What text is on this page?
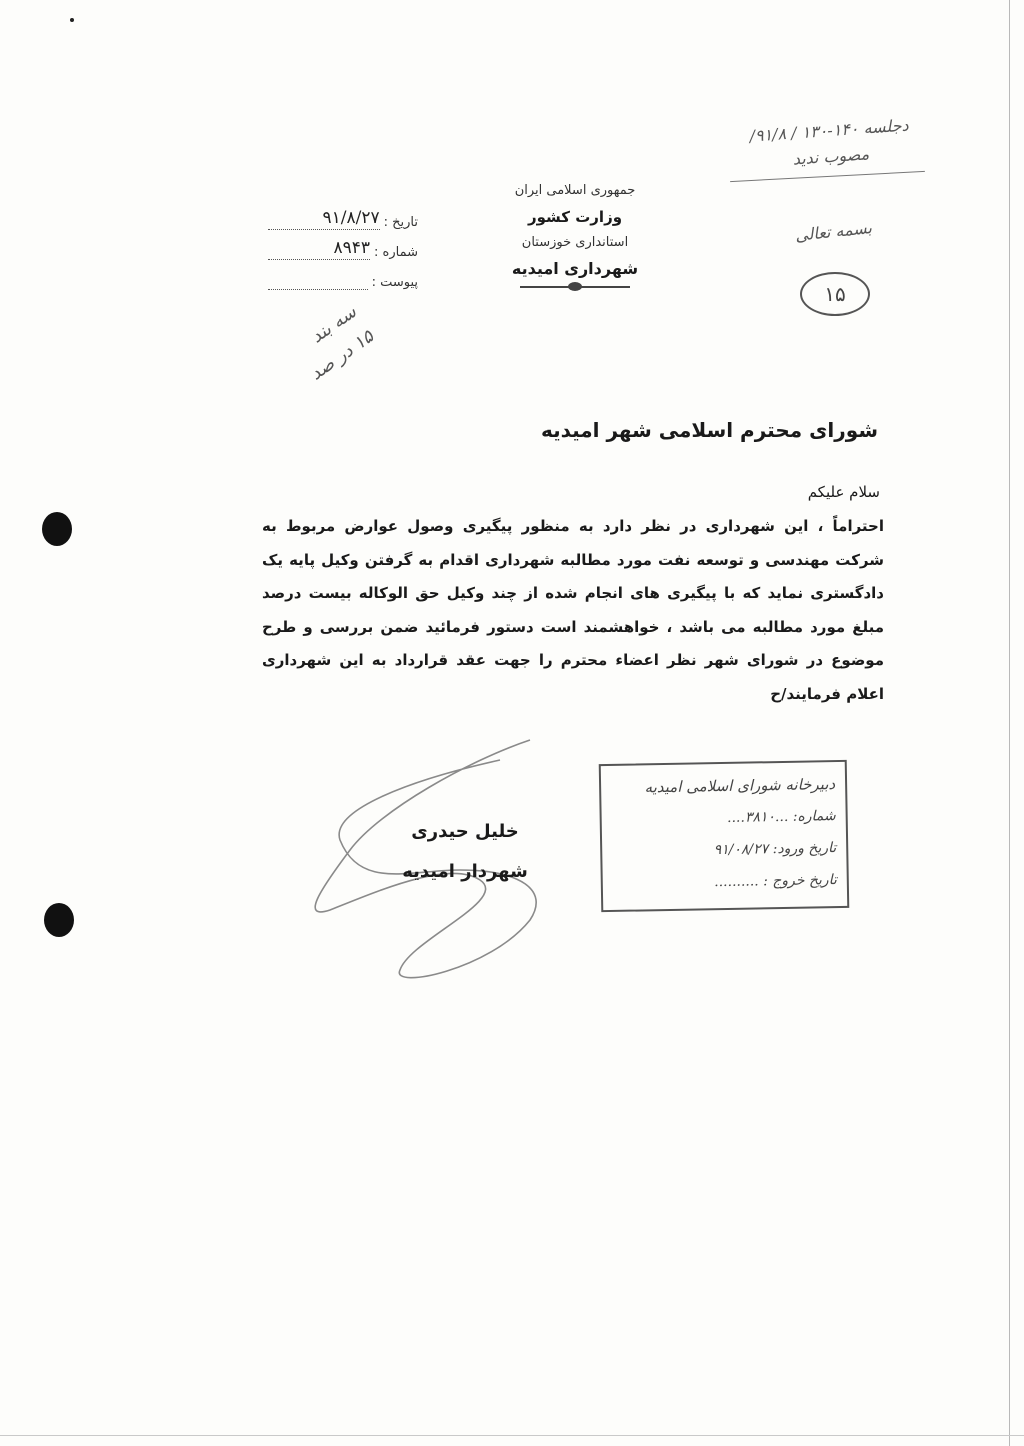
جمهوری اسلامی ایران
وزارت کشور
استانداری خوزستان
شهرداری امیدیه
تاریخ :
۹۱/۸/۲۷
شماره :
۸۹۴۳
پیوست :
دجلسه ۱۴۰-۱۳۰ / ۹۱/۸/
مصوب ندید
بسمه تعالی
۱۵
سه بند
۱۵ در صد
شورای محترم اسلامی شهر امیدیه
سلام علیکم
احتراماً ، این شهرداری در نظر دارد به منظور پیگیری وصول عوارض مربوط به شرکت مهندسی و توسعه نفت مورد مطالبه شهرداری اقدام به گرفتن وکیل پایه یک دادگستری نماید که با پیگیری های انجام شده از چند وکیل حق الوکاله بیست درصد مبلغ مورد مطالبه می باشد ، خواهشمند است دستور فرمائید ضمن بررسی و طرح موضوع در شورای شهر نظر اعضاء محترم را جهت عقد قرارداد به این شهرداری اعلام فرمایند/ح
دبیرخانه شورای اسلامی امیدیه
شماره: ...۳۸۱۰....
تاریخ ورود: ۹۱/۰۸/۲۷
تاریخ خروج : ..........
خلیل حیدری
شهردار امیدیه
